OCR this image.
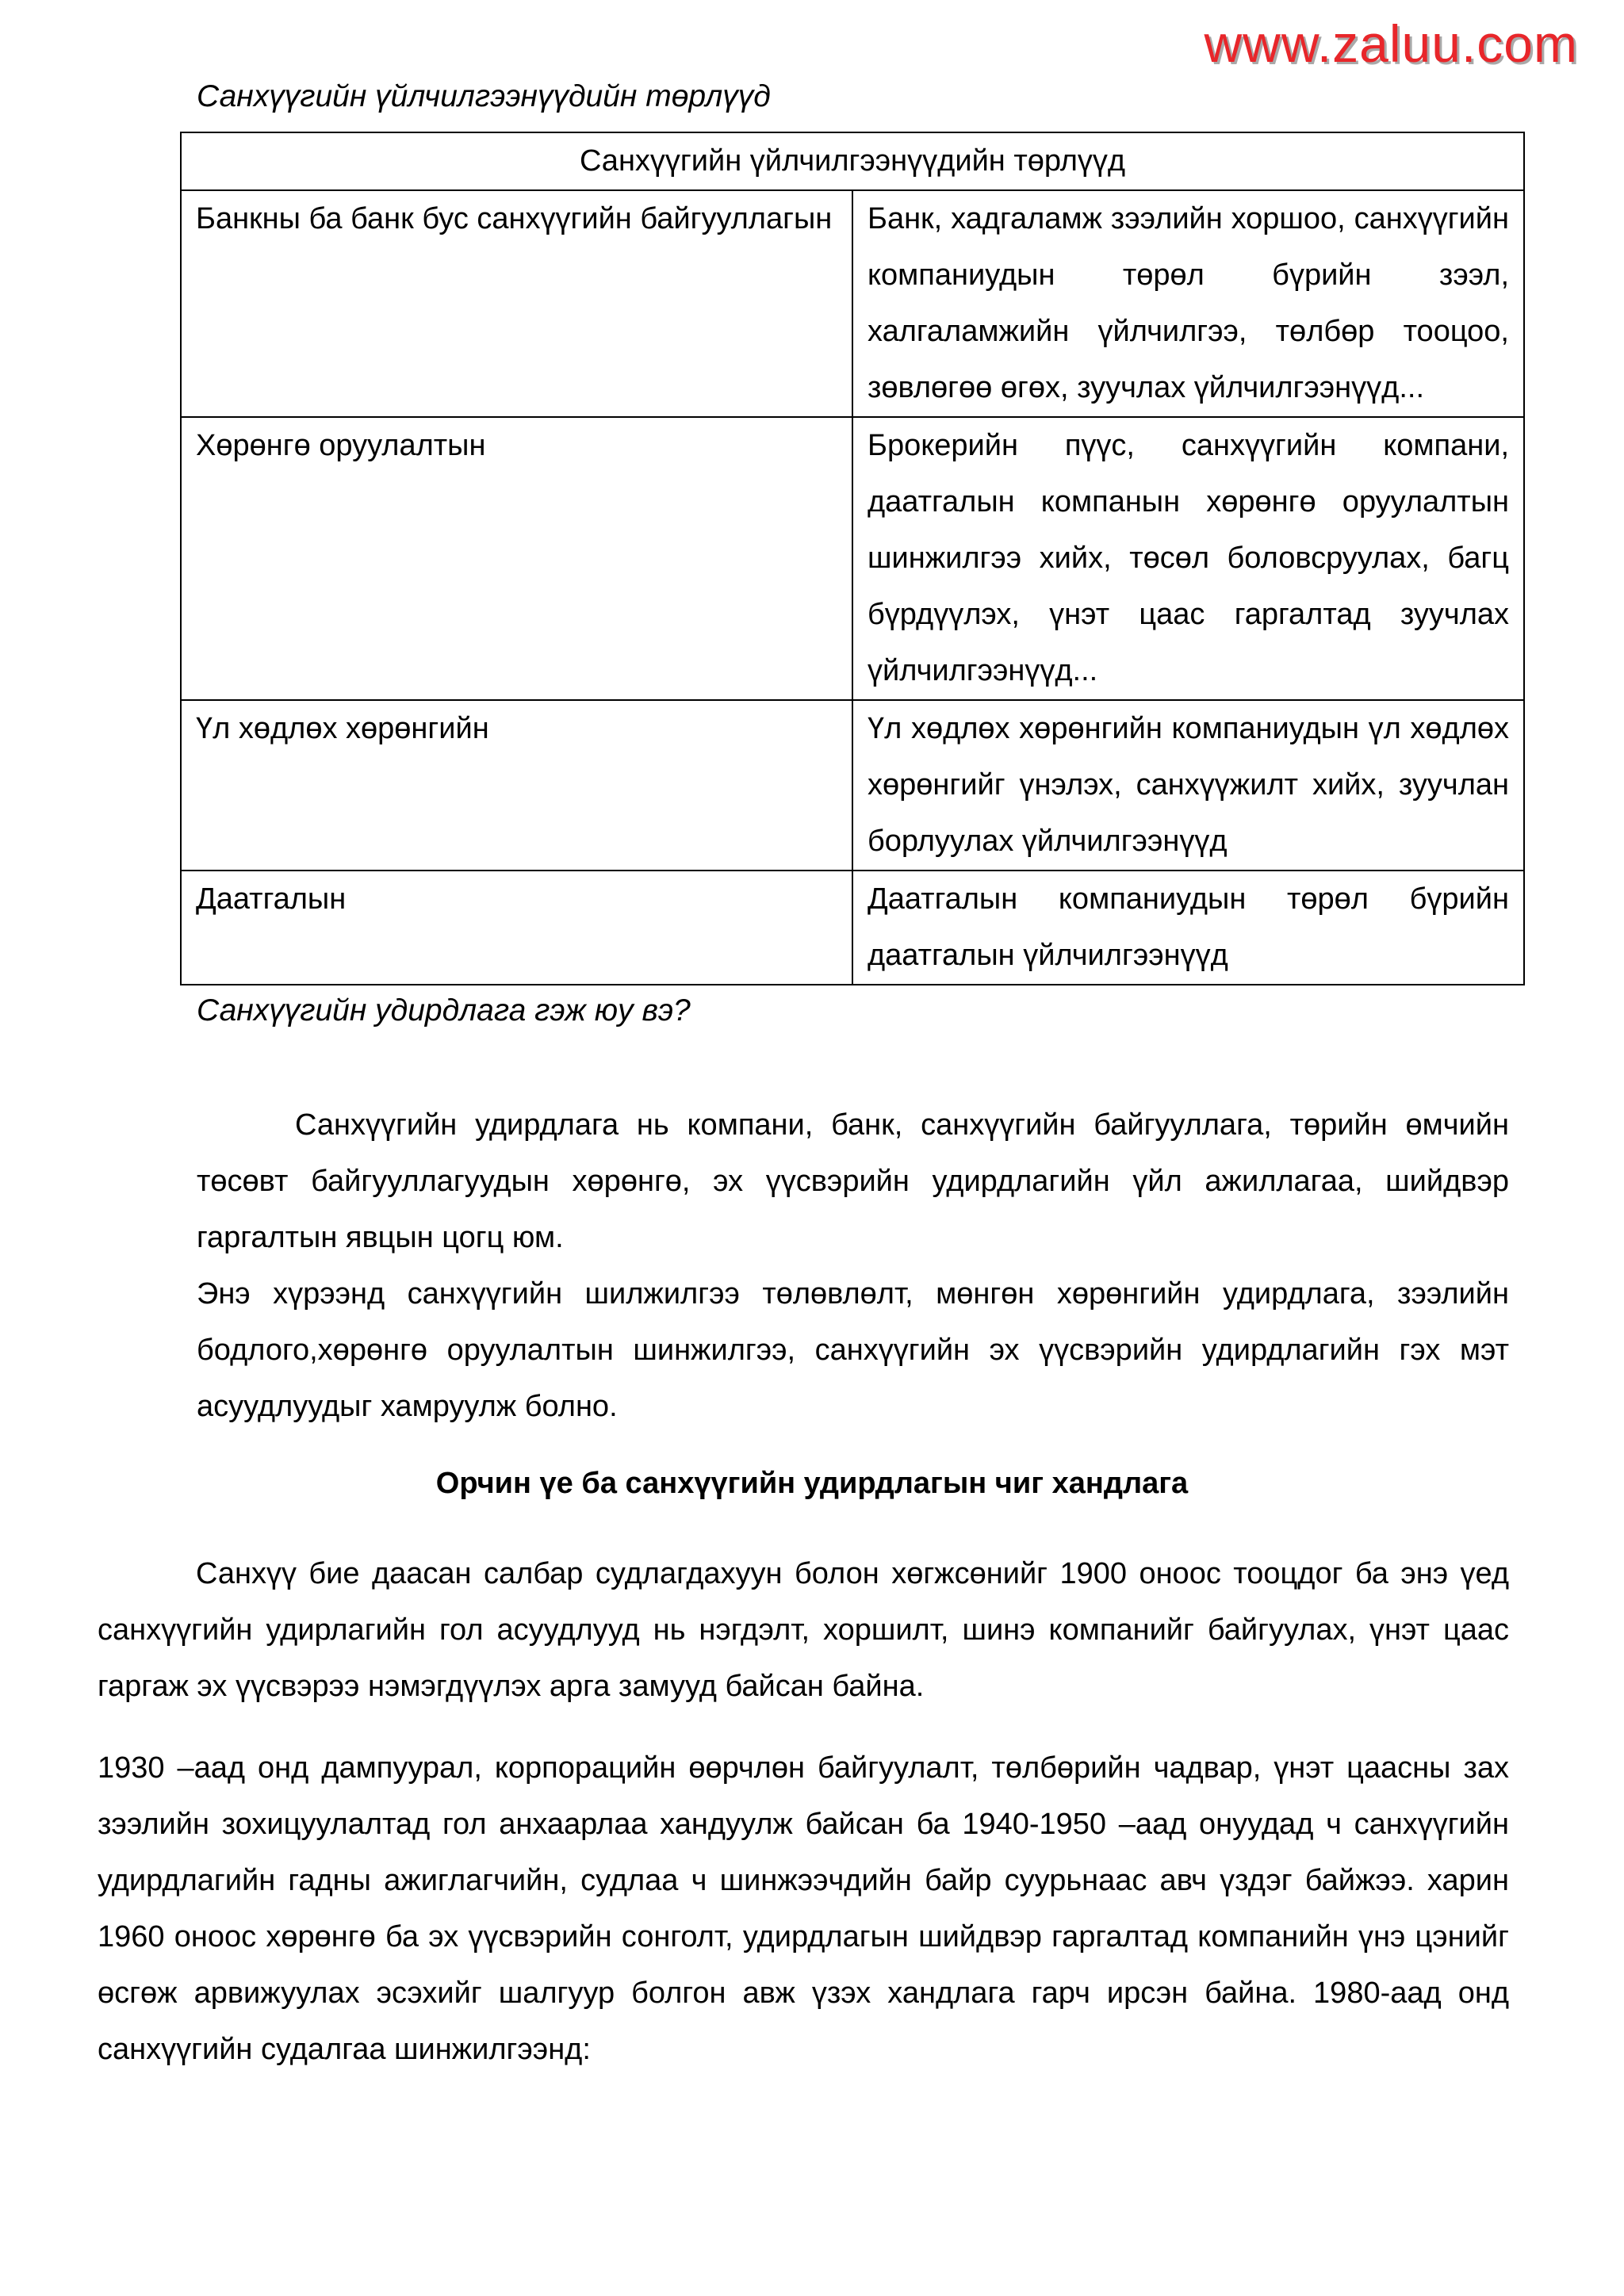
www.zaluu.com
Санхүүгийн үйлчилгээнүүдийн төрлүүд
Санхүүгийн үйлчилгээнүүдийн төрлүүд	
Банкны ба банк бус санхүүгийн байгууллагын	Банк, хадгаламж зээлийн хоршоо, санхүүгийн компаниудын төрөл бүрийн зээл, халгаламжийн үйлчилгээ, төлбөр тооцоо, зөвлөгөө өгөх, зуучлах үйлчилгээнүүд...
Хөрөнгө оруулалтын	Брокерийн пүүс, санхүүгийн компани, даатгалын компанын хөрөнгө оруулалтын шинжилгээ хийх, төсөл боловсруулах, багц бүрдүүлэх, үнэт цаас гаргалтад зуучлах үйлчилгээнүүд...
Үл хөдлөх хөрөнгийн	Үл хөдлөх хөрөнгийн компаниудын үл хөдлөх хөрөнгийг үнэлэх, санхүүжилт хийх, зуучлан борлуулах үйлчилгээнүүд
Даатгалын	Даатгалын компаниудын төрөл бүрийн даатгалын үйлчилгээнүүд
Санхүүгийн удирдлага гэж юу вэ?

Санхүүгийн удирдлага нь компани, банк, санхүүгийн байгууллага, төрийн өмчийн төсөвт байгууллагуудын хөрөнгө, эх үүсвэрийн удирдлагийн үйл ажиллагаа, шийдвэр гаргалтын явцын цогц юм.

Энэ хүрээнд санхүүгийн шилжилгээ төлөвлөлт, мөнгөн хөрөнгийн удирдлага, зээлийн бодлого,хөрөнгө оруулалтын шинжилгээ, санхүүгийн эх үүсвэрийн удирдлагийн гэх мэт асуудлуудыг хамруулж болно.

Орчин үе ба санхүүгийн удирдлагын чиг хандлага

Санхүү бие даасан салбар судлагдахуун болон хөгжсөнийг 1900 оноос тооцдог ба энэ үед санхүүгийн удирлагийн гол асуудлууд нь нэгдэлт, хоршилт, шинэ компанийг байгуулах, үнэт цаас гаргаж эх үүсвэрээ нэмэгдүүлэх арга замууд байсан байна.

1930 –аад онд дампуурал, корпорацийн өөрчлөн байгуулалт, төлбөрийн чадвар, үнэт цаасны зах зээлийн зохицуулалтад гол анхаарлаа хандуулж байсан ба 1940-1950 –аад онуудад ч санхүүгийн удирдлагийн гадны ажиглагчийн, судлаа ч шинжээчдийн байр суурьнаас авч үздэг байжээ. харин 1960 оноос хөрөнгө ба эх үүсвэрийн сонголт, удирдлагын шийдвэр гаргалтад компанийн үнэ цэнийг өсгөж арвижуулах эсэхийг шалгуур болгон авж үзэх хандлага гарч ирсэн байна. 1980-аад онд санхүүгийн судалгаа шинжилгээнд:
